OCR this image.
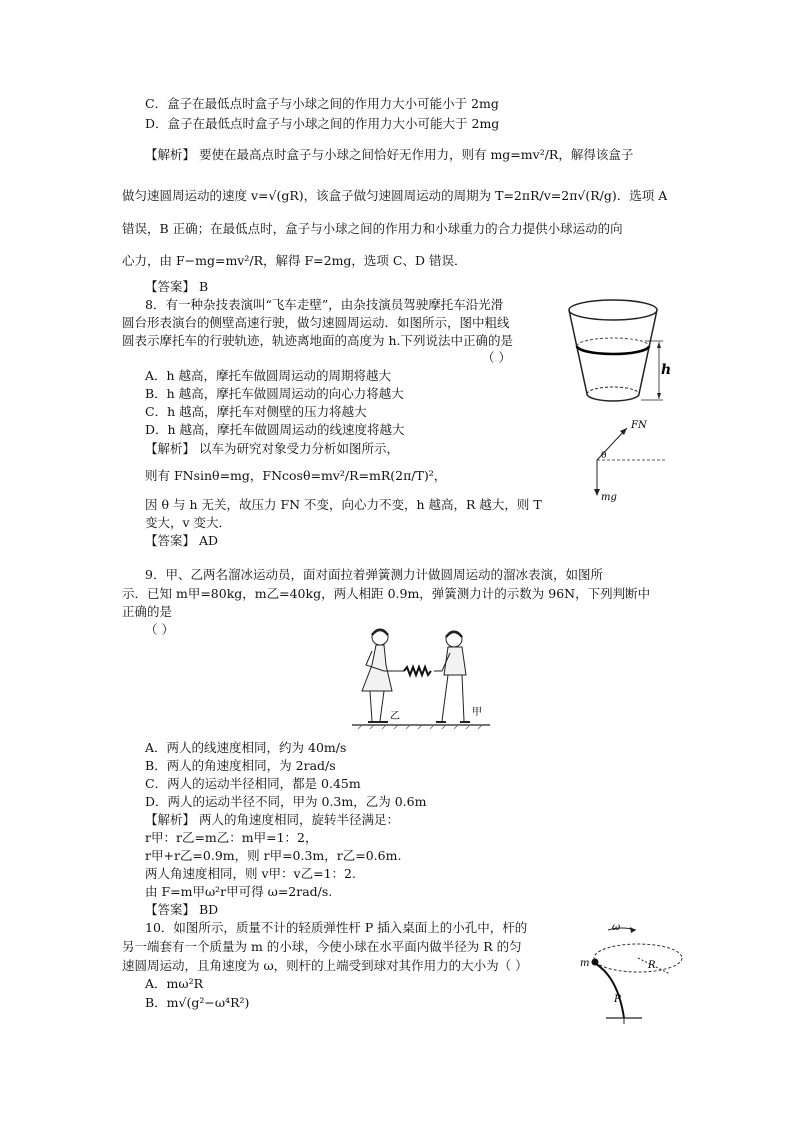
C．盒子在最低点时盒子与小球之间的作用力大小可能小于 2mg
D．盒子在最低点时盒子与小球之间的作用力大小可能大于 2mg
【解析】 要使在最高点时盒子与小球之间恰好无作用力，则有 mg=mv²/R，解得该盒子
做匀速圆周运动的速度 v=√(gR)，该盒子做匀速圆周运动的周期为 T=2πR/v=2π√(R/g)．选项 A
错误，B 正确；在最低点时，盒子与小球之间的作用力和小球重力的合力提供小球运动的向
心力，由 F−mg=mv²/R，解得 F=2mg，选项 C、D 错误．
【答案】 B
8．有一种杂技表演叫“飞车走壁”，由杂技演员驾驶摩托车沿光滑
圆台形表演台的侧壁高速行驶，做匀速圆周运动．如图所示，图中粗线
圆表示摩托车的行驶轨迹，轨迹离地面的高度为 h.下列说法中正确的是
（ ）
A．h 越高，摩托车做圆周运动的周期将越大
B．h 越高，摩托车做圆周运动的向心力将越大
C．h 越高，摩托车对侧壁的压力将越大
D．h 越高，摩托车做圆周运动的线速度将越大
【解析】 以车为研究对象受力分析如图所示，
则有 FNsinθ=mg，FNcosθ=mv²/R=mR(2π/T)²，
因 θ 与 h 无关，故压力 FN 不变，向心力不变，h 越高，R 越大，则 T
变大，v 变大．
【答案】 AD
h
FN
θ
mg
9．甲、乙两名溜冰运动员，面对面拉着弹簧测力计做圆周运动的溜冰表演，如图所
示．已知 m甲=80kg，m乙=40kg，两人相距 0.9m，弹簧测力计的示数为 96N，下列判断中
正确的是
（ ）
乙	甲
A．两人的线速度相同，约为 40m/s
B．两人的角速度相同，为 2rad/s
C．两人的运动半径相同，都是 0.45m
D．两人的运动半径不同，甲为 0.3m，乙为 0.6m
【解析】 两人的角速度相同，旋转半径满足：
r甲：r乙=m乙：m甲=1：2，
r甲+r乙=0.9m，则 r甲=0.3m，r乙=0.6m.
两人角速度相同，则 v甲：v乙=1：2.
由 F=m甲ω²r甲可得 ω=2rad/s.
【答案】 BD
10．如图所示，质量不计的轻质弹性杆 P 插入桌面上的小孔中，杆的
另一端套有一个质量为 m 的小球，今使小球在水平面内做半径为 R 的匀
速圆周运动，且角速度为 ω，则杆的上端受到球对其作用力的大小为（ ）
A．mω²R
B．m√(g²−ω⁴R²)
ω
m	R
P
